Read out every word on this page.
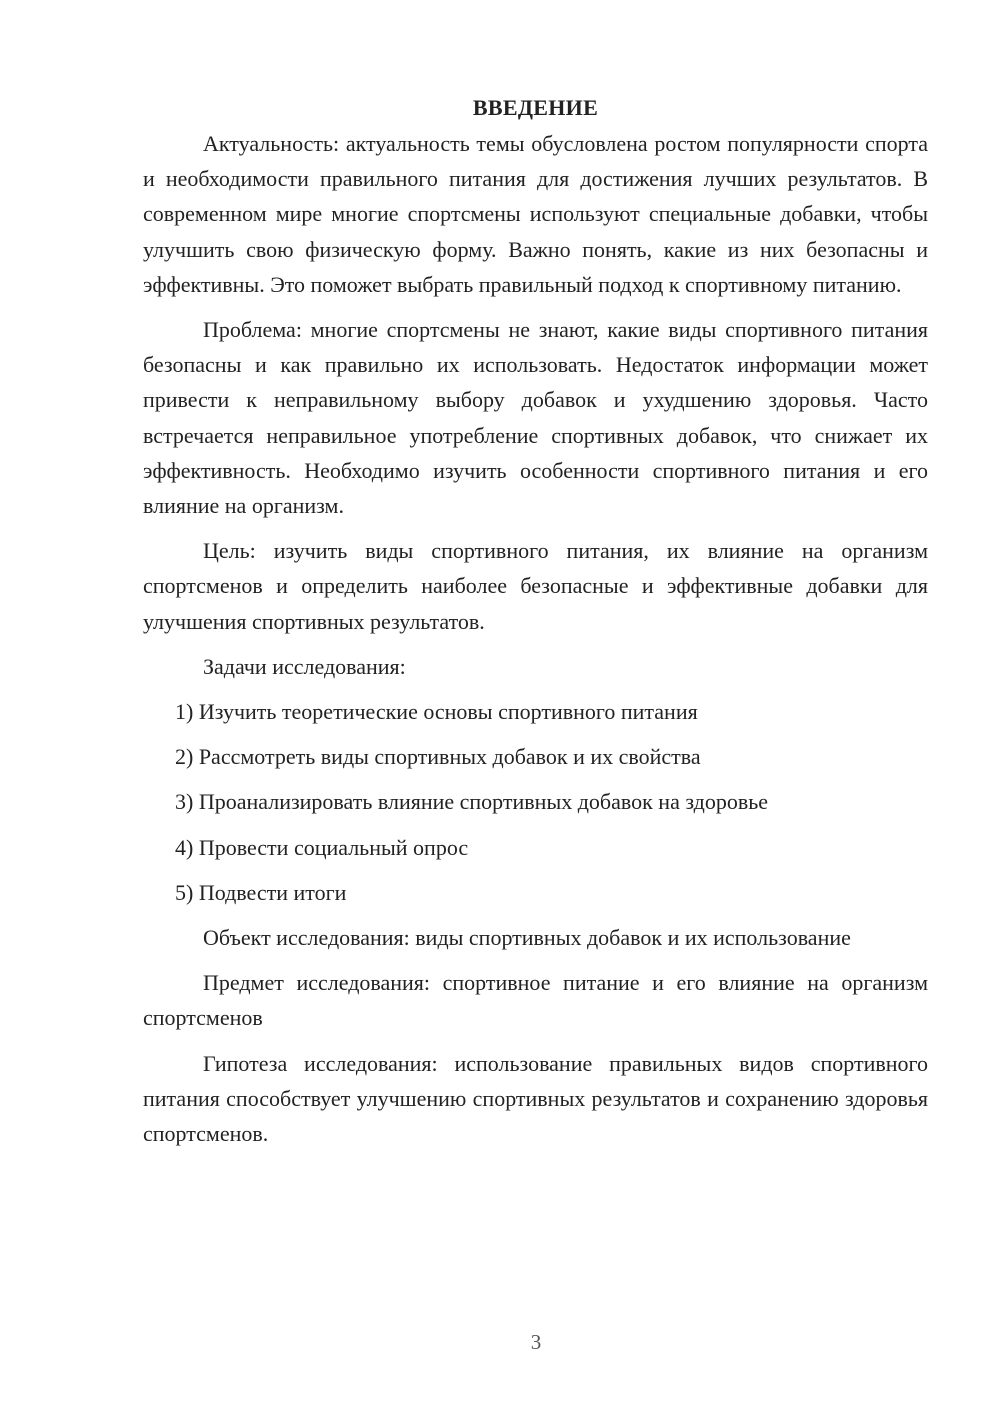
ВВЕДЕНИЕ

Актуальность: актуальность темы обусловлена ростом популярности спорта и необходимости правильного питания для достижения лучших результатов. В современном мире многие спортсмены используют специальные добавки, чтобы улучшить свою физическую форму. Важно понять, какие из них безопасны и эффективны. Это поможет выбрать правильный подход к спортивному питанию.

Проблема: многие спортсмены не знают, какие виды спортивного питания безопасны и как правильно их использовать. Недостаток информации может привести к неправильному выбору добавок и ухудшению здоровья. Часто встречается неправильное употребление спортивных добавок, что снижает их эффективность. Необходимо изучить особенности спортивного питания и его влияние на организм.

Цель: изучить виды спортивного питания, их влияние на организм спортсменов и определить наиболее безопасные и эффективные добавки для улучшения спортивных результатов.

Задачи исследования:

1) Изучить теоретические основы спортивного питания
2) Рассмотреть виды спортивных добавок и их свойства
3) Проанализировать влияние спортивных добавок на здоровье
4) Провести социальный опрос
5) Подвести итоги

Объект исследования: виды спортивных добавок и их использование

Предмет исследования: спортивное питание и его влияние на организм спортсменов

Гипотеза исследования: использование правильных видов спортивного питания способствует улучшению спортивных результатов и сохранению здоровья спортсменов.

3
